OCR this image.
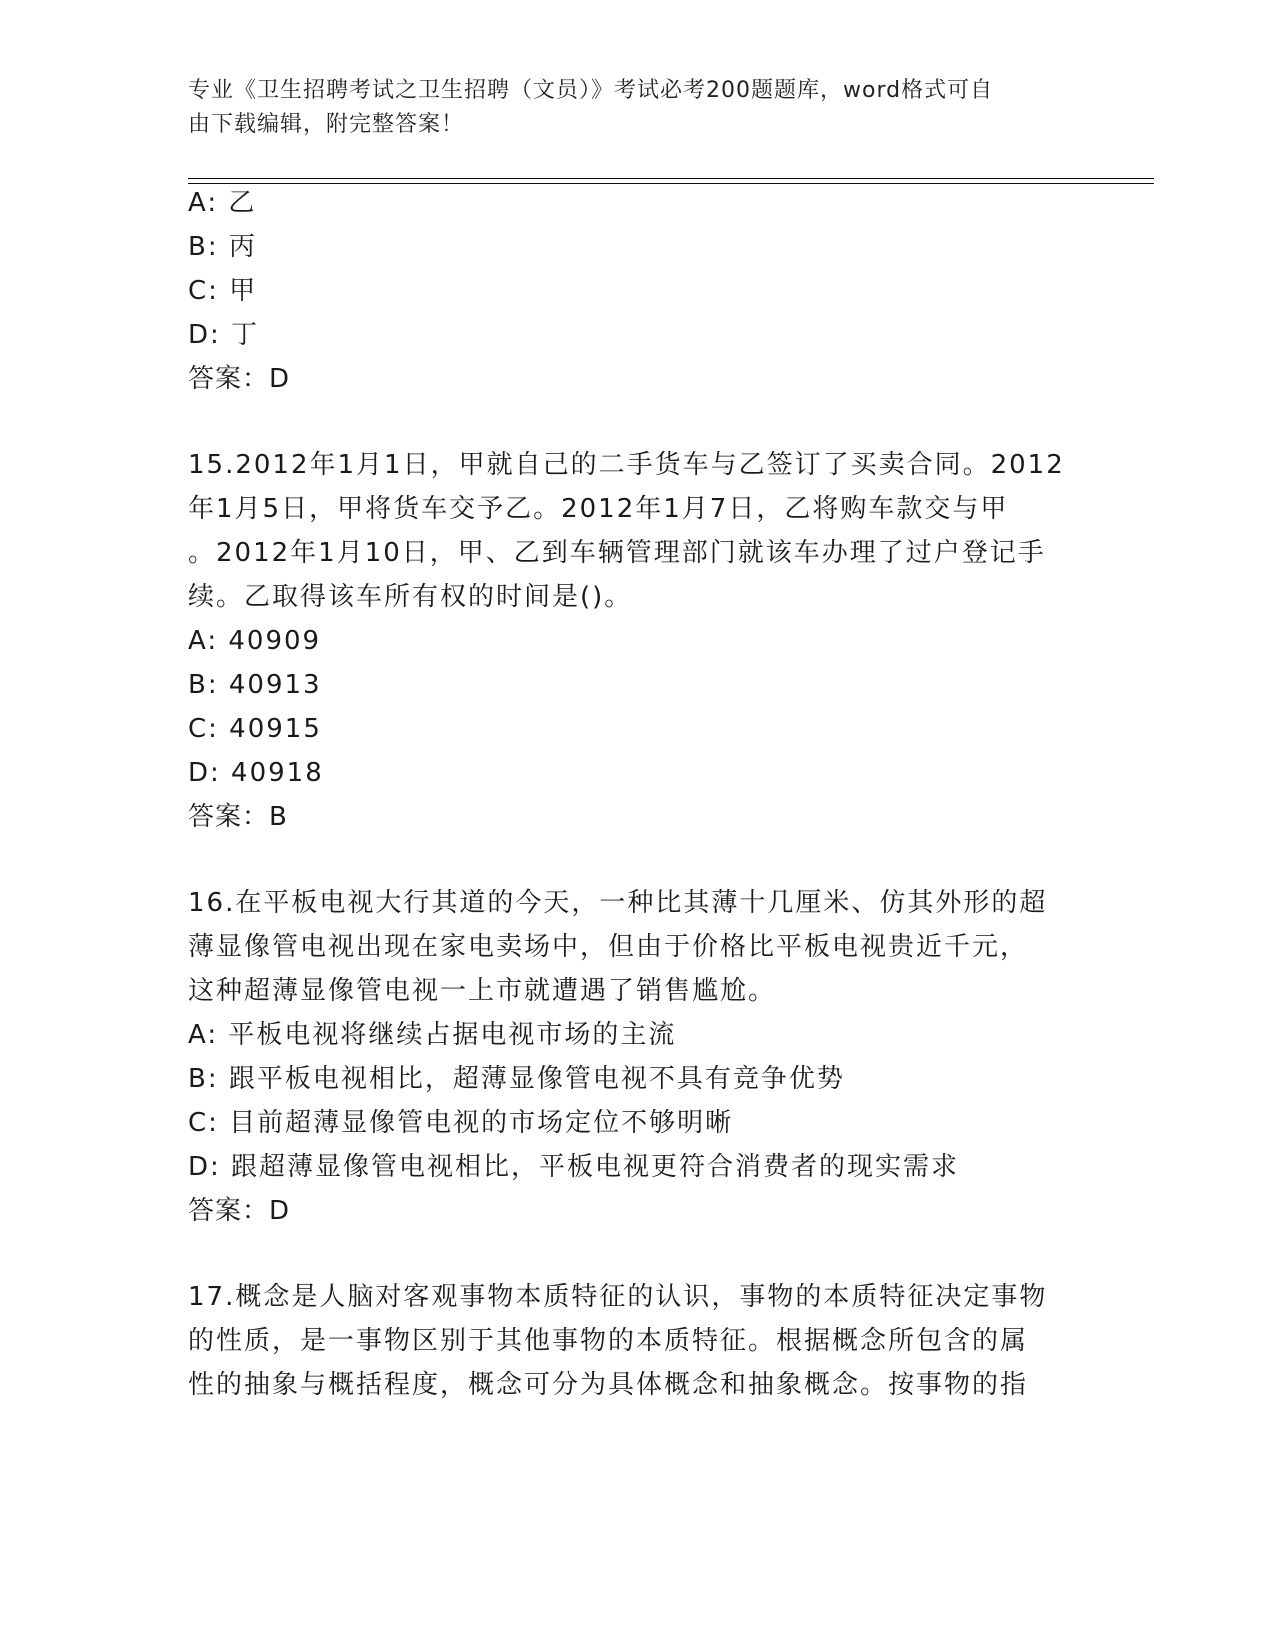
专业《卫生招聘考试之卫生招聘（文员）》考试必考200题题库，word格式可自
由下载编辑，附完整答案！
A: 乙
B: 丙
C: 甲
D: 丁
答案：D
15.2012年1月1日，甲就自己的二手货车与乙签订了买卖合同。2012
年1月5日，甲将货车交予乙。2012年1月7日，乙将购车款交与甲
。2012年1月10日，甲、乙到车辆管理部门就该车办理了过户登记手
续。乙取得该车所有权的时间是()。
A: 40909
B: 40913
C: 40915
D: 40918
答案：B
16.在平板电视大行其道的今天，一种比其薄十几厘米、仿其外形的超
薄显像管电视出现在家电卖场中，但由于价格比平板电视贵近千元，
这种超薄显像管电视一上市就遭遇了销售尴尬。
A: 平板电视将继续占据电视市场的主流
B: 跟平板电视相比，超薄显像管电视不具有竞争优势
C: 目前超薄显像管电视的市场定位不够明晰
D: 跟超薄显像管电视相比，平板电视更符合消费者的现实需求
答案：D
17.概念是人脑对客观事物本质特征的认识，事物的本质特征决定事物
的性质，是一事物区别于其他事物的本质特征。根据概念所包含的属
性的抽象与概括程度，概念可分为具体概念和抽象概念。按事物的指
